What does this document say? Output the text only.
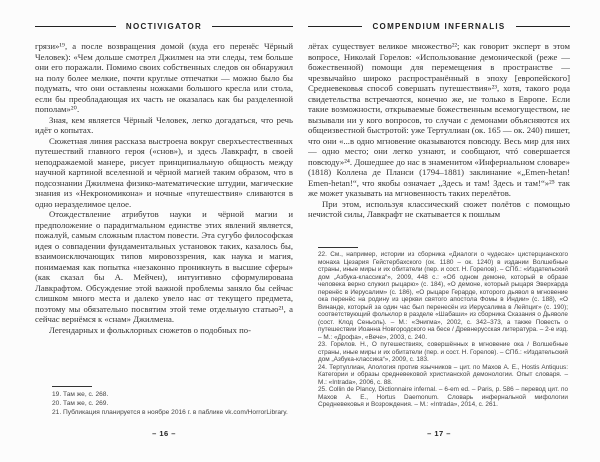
NOCTIVIGATOR

грязи»¹⁹, а после возвращения домой (куда его перенёс Чёрный Человек): «Чем дольше смотрел Джилмен на эти следы, тем больше они его поражали. Помимо своих собственных следов он обнаружил на полу более мелкие, почти круглые отпечатки — можно было бы подумать, что они оставлены ножками большого кресла или стола, если бы преобладающая их часть не оказалась как бы разделенной пополам»²⁰.

Зная, кем является Чёрный Человек, легко догадаться, что речь идёт о копытах.

Сюжетная линия рассказа выстроена вокруг сверхъестественных путешествий главного героя («снов»), и здесь Лавкрафт, в своей неподражаемой манере, рисует принципиальную общность между научной картиной вселенной и чёрной магией таким образом, что в подсознании Джилмена физико-математические штудии, магические знания из «Некрономикона» и ночные «путешествия» сливаются в одно неразделимое целое.

Отождествление атрибутов науки и чёрной магии и предположение о парадигмальном единстве этих явлений является, пожалуй, самым сложным пластом повести. Эта сугубо философская идея о совпадении фундаментальных установок таких, казалось бы, взаимоисключающих типов мировоззрения, как наука и магия, понимаемая как попытка «незаконно проникнуть в высшие сферы» (как сказал бы А. Мейчен), интуитивно сформулирована Лавкрафтом. Обсуждение этой важной проблемы заняло бы сейчас слишком много места и далеко увело нас от текущего предмета, поэтому мы обязательно посвятим этой теме отдельную статью²¹, а сейчас вернёмся к «снам» Джилмена.

Легендарных и фольклорных сюжетов о подобных по-

19. Там же, с. 268.

20. Там же, с. 269.

21. Публикация планируется в ноябре 2016 г. в паблике vk.com/HorrorLibrary.

– 16 –
COMPENDIUM INFERNALIS

лётах существует великое множество²²; как говорит эксперт в этом вопросе, Николай Горелов: «Использование демонической (реже — божественной) помощи для перемещения в пространстве — чрезвычайно широко распространённый в эпоху [европейского] Средневековья способ совершать путешествия»²³, хотя, такого рода свидетельства встречаются, конечно же, не только в Европе. Если такие возможности, открываемые божественным всемогуществом, не вызывали ни у кого вопросов, то случаи с демонами объясняются их общеизвестной быстротой: уже Тертуллиан (ок. 165 — ок. 240) пишет, что они «...в одно мгновение оказываются повсюду. Весь мир для них — одно место; они легко узнают, и сообщают, чтó совершается повсюду»²⁴. Дошедшее до нас в знаменитом «Инфернальном словаре» (1818) Коллена де Планси (1794–1881) заклинание «„Emen-hetan! Emen-hetan!“, что якобы означает „Здесь и там! Здесь и там!“»²⁵ так же может указывать на мгновенность таких перелётов.

При этом, используя классический сюжет полётов с помощью нечистой силы, Лавкрафт не скатывается к пошлым

22. См., например, истории из сборника «Диалоги о чудесах» цистерцианского монаха Цезария Гейстербахского (ок. 1180 – ок. 1240) в издании Волшебные страны, иные миры и их обитатели (пер. и сост. Н. Горелов). – СПб.: «Издательский дом „Азбука-классика“», 2009, 448 с.: «Об одном демоне, который в образе человека верно служил рыцарю» (с. 184), «О демоне, который рыцаря Эверхарда перенёс в Иерусалим» (с. 186), «О рыцаре Герарде, которого дьявол в мгновение ока перенёс на родину из церкви святого апостола Фомы в Индии» (с. 188), «О Винанде, который за один час был перенесён из Иерусалима в Лейпциг» (с. 190); соответствующий фольклор в разделе «Шабаши» из сборника Сказания о Дьяволе (сост. Клод Сеньоль). – М.: «Энигма», 2002, с. 342–373, а также Повесть о путешествии Иоанна Новгородского на бесе / Древнерусская литература. – 2-е изд. – М.: «Дрофа», «Вече», 2003, с. 240.

23. Горелов. Н., О путешествиях, совершённых в мгновение ока / Волшебные страны, иные миры и их обитатели (пер. и сост. Н. Горелов). – СПб.: «Издательский дом „Азбука-классика“», 2009, с. 183.

24. Тертуллиан, Апология против язычников – цит. по Махов А. Е., Hostis Antiquus: Категории и образы средневековой христианской демонологии. Опыт словаря. – М.: «Intrada», 2006, с. 88.

25. Collin de Plancy, Dictionnaire infernal. – 6-em ed. – Paris, p. 586 – перевод цит. по Махов А. Е., Hortus Daemonum. Словарь инфернальной мифологии Средневековья и Возрождения. – М.: «Intrada», 2014, с. 261.

– 17 –
